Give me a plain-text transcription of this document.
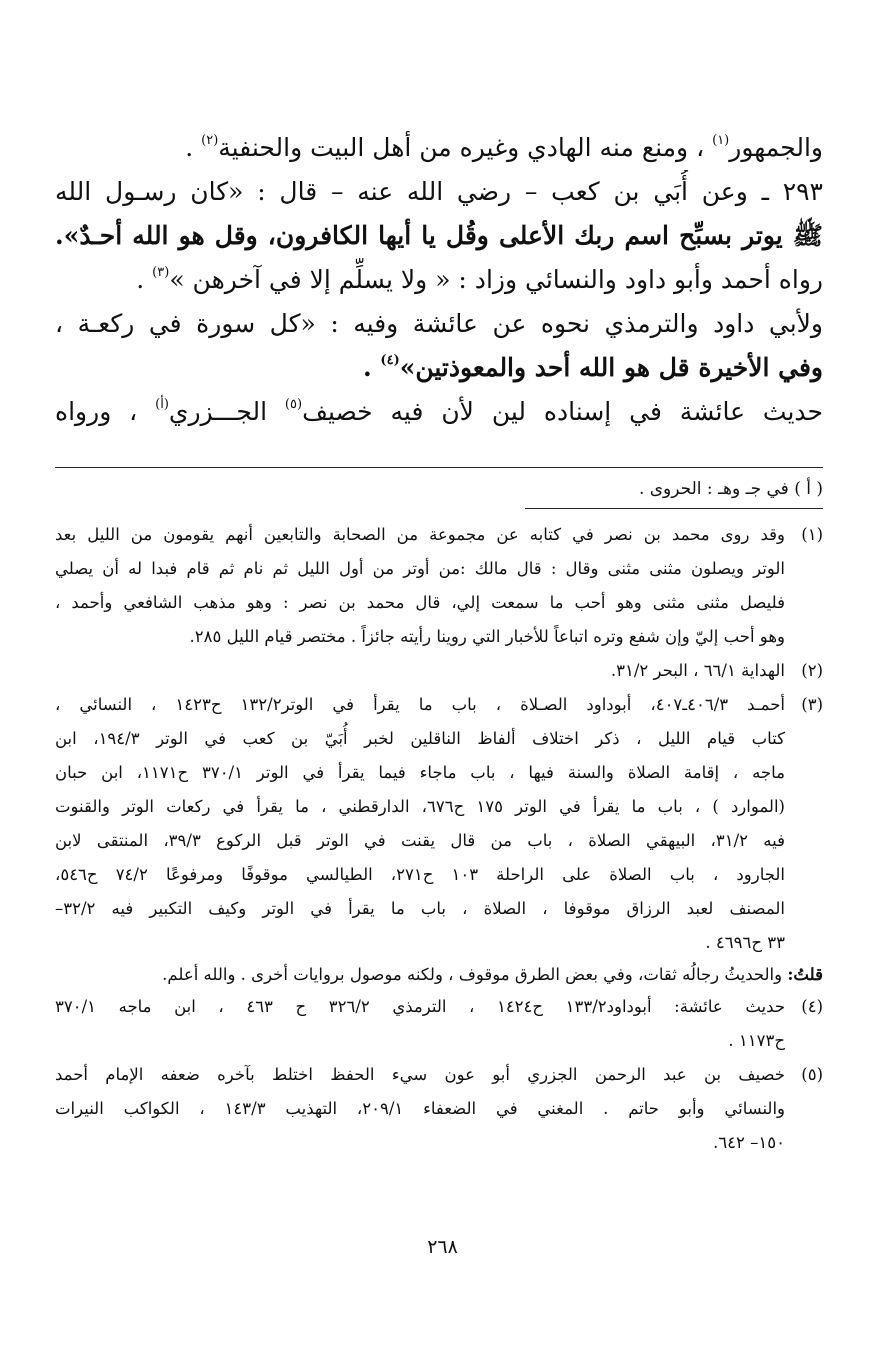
والجمهور$^{(١)}$ ، ومنع منه الهادي وغيره من أهل البيت والحنفية$^{(٢)}$ .
٢٩٣ ـ وعن أُبَي بن كعب – رضي الله عنه – قال : «كان رسـول الله
ﷺ يوتر بسبِّح اسم ربك الأعلى وقُل يا أيها الكافرون، وقل هو الله أحـدٌ».
رواه أحمد وأبو داود والنسائي وزاد : « ولا يسلِّم إلا في آخرهن »$^{(٣)}$ .
ولأبي داود والترمذي نحوه عن عائشة وفيه : «كل سورة في ركعـة ،
وفي الأخيرة قل هو الله أحد والمعوذتين»$^{(٤)}$ .
حديث عائشة في إسناده لين لأن فيه خصيف$^{(٥)}$ الجـــزري$^{(أ)}$ ، ورواه
( أ ) في جـ وهـ : الحروى .
(١)
وقد روى محمد بن نصر في كتابه عن مجموعة من الصحابة والتابعين أنهم يقومون من الليل بعد
الوتر ويصلون مثنى مثنى وقال : قال مالك :من أوتر من أول الليل ثم نام ثم قام فبدا له أن يصلي
فليصل مثنى مثنى وهو أحب ما سمعت إلي، قال محمد بن نصر : وهو مذهب الشافعي وأحمد ،
وهو أحب إليّ وإن شفع وتره اتباعاً للأخبار التي روينا رأيته جائزاً . مختصر قيام الليل ٢٨٥.
(٢)
الهداية ٦٦/١ ، البحر ٣١/٢.
(٣)
أحمـد ٤٠٦/٣ـ٤٠٧، أبوداود الصـلاة ، باب ما يقرأ في الوتر١٣٢/٢ ح١٤٢٣ ، النسائي ،
كتاب قيام الليل ، ذكر اختلاف ألفاظ الناقلين لخبر أُبَيّ بن كعب في الوتر ١٩٤/٣، ابن
ماجه ، إقامة الصلاة والسنة فيها ، باب ماجاء فيما يقرأ في الوتر ٣٧٠/١ ح١١٧١، ابن حبان
(الموارد ) ، باب ما يقرأ في الوتر ١٧٥ ح٦٧٦، الدارقطني ، ما يقرأ في ركعات الوتر والقنوت
فيه ٣١/٢، البيهقي الصلاة ، باب من قال يقنت في الوتر قبل الركوع ٣٩/٣، المنتقى لابن
الجارود ، باب الصلاة على الراحلة ١٠٣ ح٢٧١، الطيالسي موقوفًا ومرفوعًا ٧٤/٢ ح٥٤٦،
المصنف لعبد الرزاق موقوفا ، الصلاة ، باب ما يقرأ في الوتر وكيف التكبير فيه ٣٢/٢–
٣٣ ح٤٦٩٦ .
قلتُ: والحديثُ رجالُه ثقات، وفي بعض الطرق موقوف ، ولكنه موصول بروايات أخرى . والله أعلم.
(٤)
حديث عائشة: أبوداود١٣٣/٢ ح١٤٢٤ ، الترمذي ٣٢٦/٢ ح ٤٦٣ ، ابن ماجه ٣٧٠/١
ح١١٧٣ .
(٥)
خصيف بن عبد الرحمن الجزري أبو عون سيء الحفظ اختلط بآخره ضعفه الإمام أحمد
والنسائي وأبو حاتم . المغني في الضعفاء ٢٠٩/١، التهذيب ١٤٣/٣ ، الكواكب النيرات
١٥٠– ٦٤٢.
٢٦٨
